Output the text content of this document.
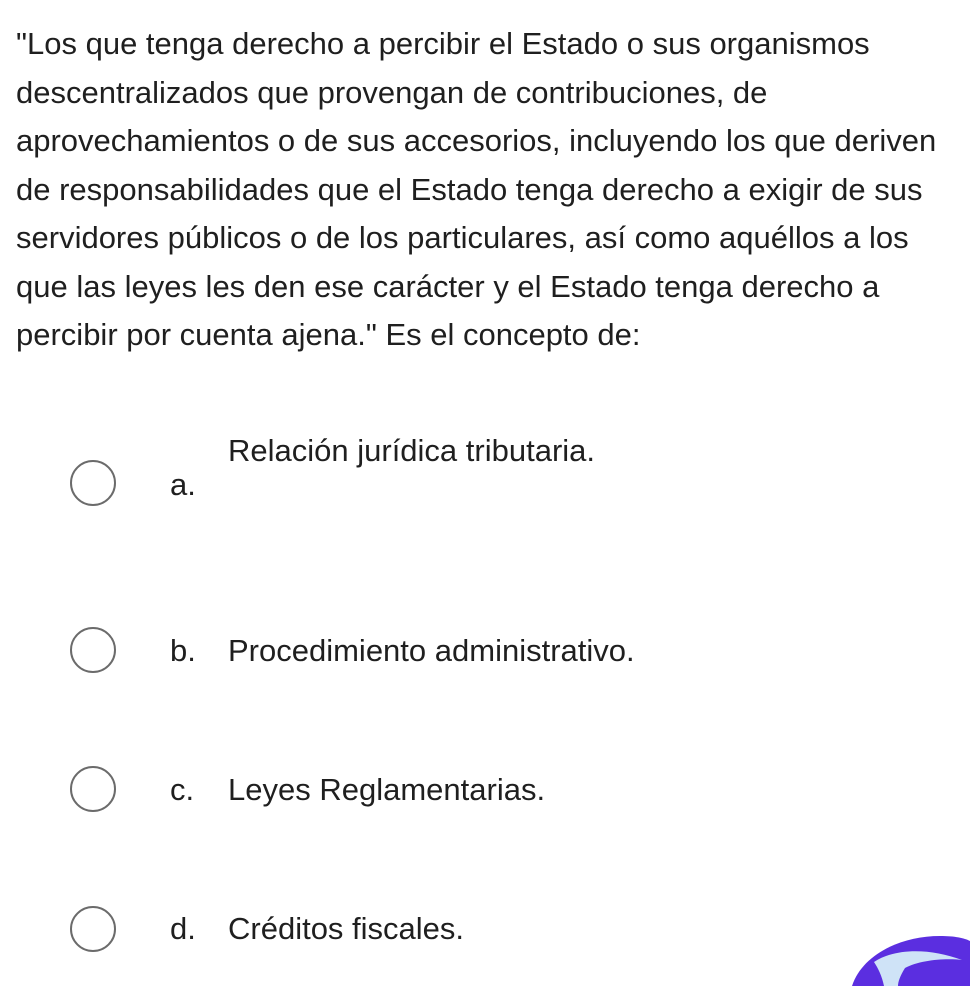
"Los que tenga derecho a percibir el Estado o sus organismos descentralizados que provengan de contribuciones, de aprovechamientos o de sus accesorios, incluyendo los que deriven de responsabilidades que el Estado tenga derecho a exigir de sus servidores públicos o de los particulares, así como aquéllos a los que las leyes les den ese carácter y el Estado tenga derecho a percibir por cuenta ajena." Es el concepto de:

a.
Relación jurídica tributaria.
b. Procedimiento administrativo.
c. Leyes Reglamentarias.
d. Créditos fiscales.
